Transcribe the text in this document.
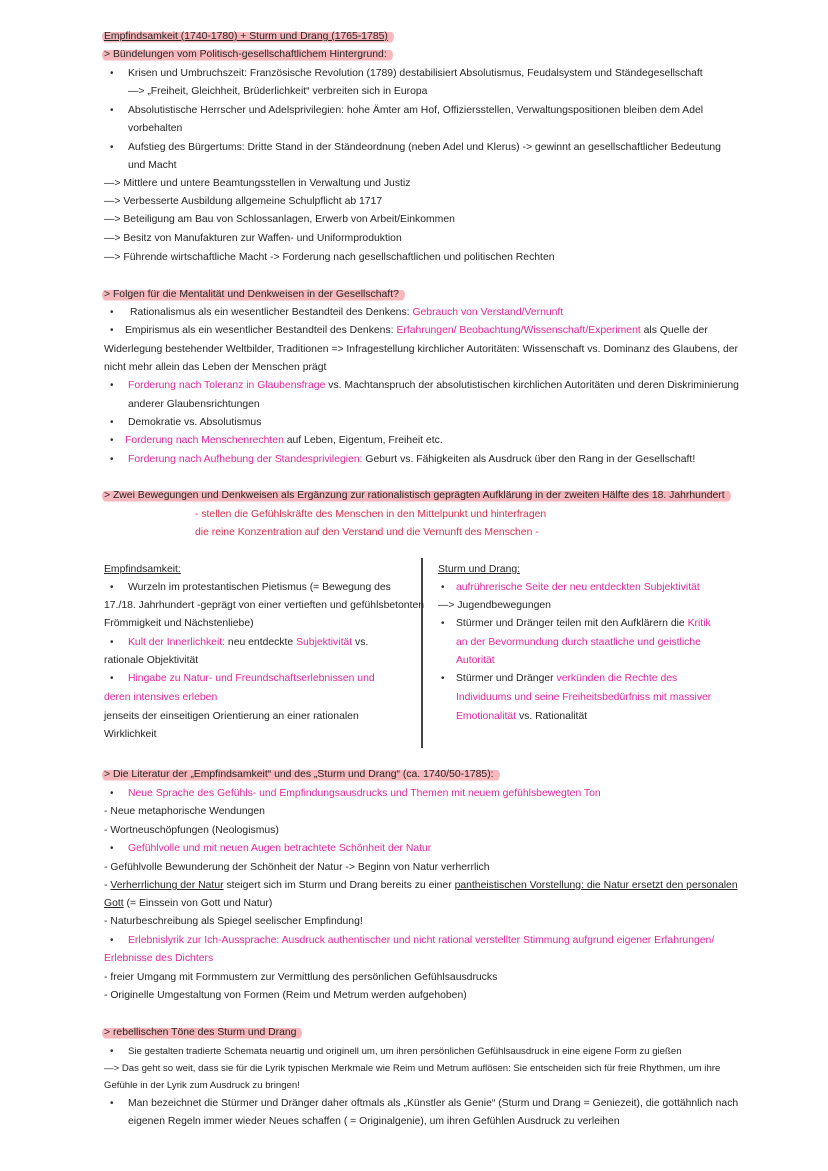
Empfindsamkeit (1740-1780) + Sturm und Drang (1765-1785)
> Bündelungen vom Politisch-gesellschaftlichem Hintergrund:
• Krisen und Umbruchszeit: Französische Revolution (1789) destabilisiert Absolutismus, Feudalsystem und Ständegesellschaft
—> „Freiheit, Gleichheit, Brüderlichkeit“ verbreiten sich in Europa
• Absolutistische Herrscher und Adelsprivilegien: hohe Ämter am Hof, Offiziersstellen, Verwaltungspositionen bleiben dem Adel
vorbehalten
• Aufstieg des Bürgertums: Dritte Stand in der Ständeordnung (neben Adel und Klerus) -> gewinnt an gesellschaftlicher Bedeutung
und Macht
—> Mittlere und untere Beamtungsstellen in Verwaltung und Justiz
—> Verbesserte Ausbildung allgemeine Schulpflicht ab 1717
—> Beteiligung am Bau von Schlossanlagen, Erwerb von Arbeit/Einkommen
—> Besitz von Manufakturen zur Waffen- und Uniformproduktion
—> Führende wirtschaftliche Macht -> Forderung nach gesellschaftlichen und politischen Rechten
> Folgen für die Mentalität und Denkweisen in der Gesellschaft?
• Rationalismus als ein wesentlicher Bestandteil des Denkens: Gebrauch von Verstand/Vernunft
• Empirismus als ein wesentlicher Bestandteil des Denkens: Erfahrungen/ Beobachtung/Wissenschaft/Experiment als Quelle der
Widerlegung bestehender Weltbilder, Traditionen => Infragestellung kirchlicher Autoritäten: Wissenschaft vs. Dominanz des Glaubens, der
nicht mehr allein das Leben der Menschen prägt
• Forderung nach Toleranz in Glaubensfrage vs. Machtanspruch der absolutistischen kirchlichen Autoritäten und deren Diskriminierung
anderer Glaubensrichtungen
• Demokratie vs. Absolutismus
• Forderung nach Menschenrechten auf Leben, Eigentum, Freiheit etc.
• Forderung nach Aufhebung der Standesprivilegien: Geburt vs. Fähigkeiten als Ausdruck über den Rang in der Gesellschaft!
> Zwei Bewegungen und Denkweisen als Ergänzung zur rationalistisch geprägten Aufklärung in der zweiten Hälfte des 18. Jahrhundert
- stellen die Gefühlskräfte des Menschen in den Mittelpunkt und hinterfragen
die reine Konzentration auf den Verstand und die Vernunft des Menschen -
Empfindsamkeit:
• Wurzeln im protestantischen Pietismus (= Bewegung des
17./18. Jahrhundert -geprägt von einer vertieften und gefühlsbetonten
Frömmigkeit und Nächstenliebe)
• Kult der Innerlichkeit: neu entdeckte Subjektivität vs.
rationale Objektivität
• Hingabe zu Natur- und Freundschaftserlebnissen und
deren intensives erleben
jenseits der einseitigen Orientierung an einer rationalen
Wirklichkeit
Sturm und Drang:
• aufrührerische Seite der neu entdeckten Subjektivität
—> Jugendbewegungen
• Stürmer und Dränger teilen mit den Aufklärern die Kritik
an der Bevormundung durch staatliche und geistliche
Autorität
• Stürmer und Dränger verkünden die Rechte des
Individuums und seine Freiheitsbedürfniss mit massiver
Emotionalität vs. Rationalität
> Die Literatur der „Empfindsamkeit“ und des „Sturm und Drang“ (ca. 1740/50-1785):
• Neue Sprache des Gefühls- und Empfindungsausdrucks und Themen mit neuem gefühlsbewegten Ton
- Neue metaphorische Wendungen
- Wortneuschöpfungen (Neologismus)
• Gefühlvolle und mit neuen Augen betrachtete Schönheit der Natur
- Gefühlvolle Bewunderung der Schönheit der Natur -> Beginn von Natur verherrlich
- Verherrlichung der Natur steigert sich im Sturm und Drang bereits zu einer pantheistischen Vorstellung: die Natur ersetzt den personalen
Gott (= Einssein von Gott und Natur)
- Naturbeschreibung als Spiegel seelischer Empfindung!
• Erlebnislyrik zur Ich-Aussprache: Ausdruck authentischer und nicht rational verstellter Stimmung aufgrund eigener Erfahrungen/
Erlebnisse des Dichters
- freier Umgang mit Formmustern zur Vermittlung des persönlichen Gefühlsausdrucks
- Originelle Umgestaltung von Formen (Reim und Metrum werden aufgehoben)
> rebellischen Töne des Sturm und Drang
• Sie gestalten tradierte Schemata neuartig und originell um, um ihren persönlichen Gefühlsausdruck in eine eigene Form zu gießen
—> Das geht so weit, dass sie für die Lyrik typischen Merkmale wie Reim und Metrum auflösen: Sie entscheiden sich für freie Rhythmen, um ihre
Gefühle in der Lyrik zum Ausdruck zu bringen!
• Man bezeichnet die Stürmer und Dränger daher oftmals als „Künstler als Genie“ (Sturm und Drang = Geniezeit), die gottähnlich nach
eigenen Regeln immer wieder Neues schaffen ( = Originalgenie), um ihren Gefühlen Ausdruck zu verleihen
